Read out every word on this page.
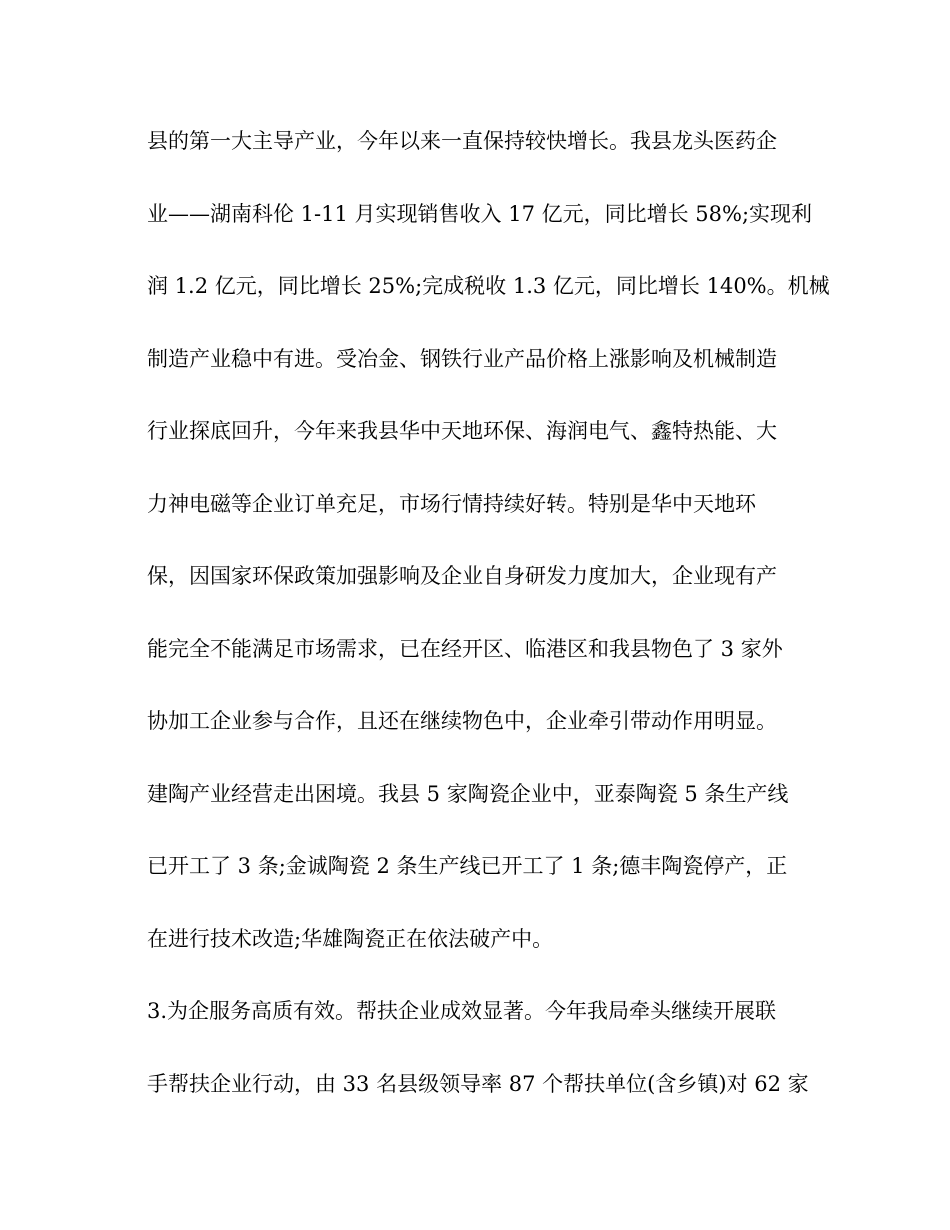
县的第一大主导产业，今年以来一直保持较快增长。我县龙头医药企
业——湖南科伦 1-11 月实现销售收入 17 亿元，同比增长 58%;实现利
润 1.2 亿元，同比增长 25%;完成税收 1.3 亿元，同比增长 140%。机械
制造产业稳中有进。受冶金、钢铁行业产品价格上涨影响及机械制造
行业探底回升，今年来我县华中天地环保、海润电气、鑫特热能、大
力神电磁等企业订单充足，市场行情持续好转。特别是华中天地环
保，因国家环保政策加强影响及企业自身研发力度加大，企业现有产
能完全不能满足市场需求，已在经开区、临港区和我县物色了 3 家外
协加工企业参与合作，且还在继续物色中，企业牵引带动作用明显。
建陶产业经营走出困境。我县 5 家陶瓷企业中，亚泰陶瓷 5 条生产线
已开工了 3 条;金诚陶瓷 2 条生产线已开工了 1 条;德丰陶瓷停产，正
在进行技术改造;华雄陶瓷正在依法破产中。
3.为企服务高质有效。帮扶企业成效显著。今年我局牵头继续开展联
手帮扶企业行动，由 33 名县级领导率 87 个帮扶单位(含乡镇)对 62 家
